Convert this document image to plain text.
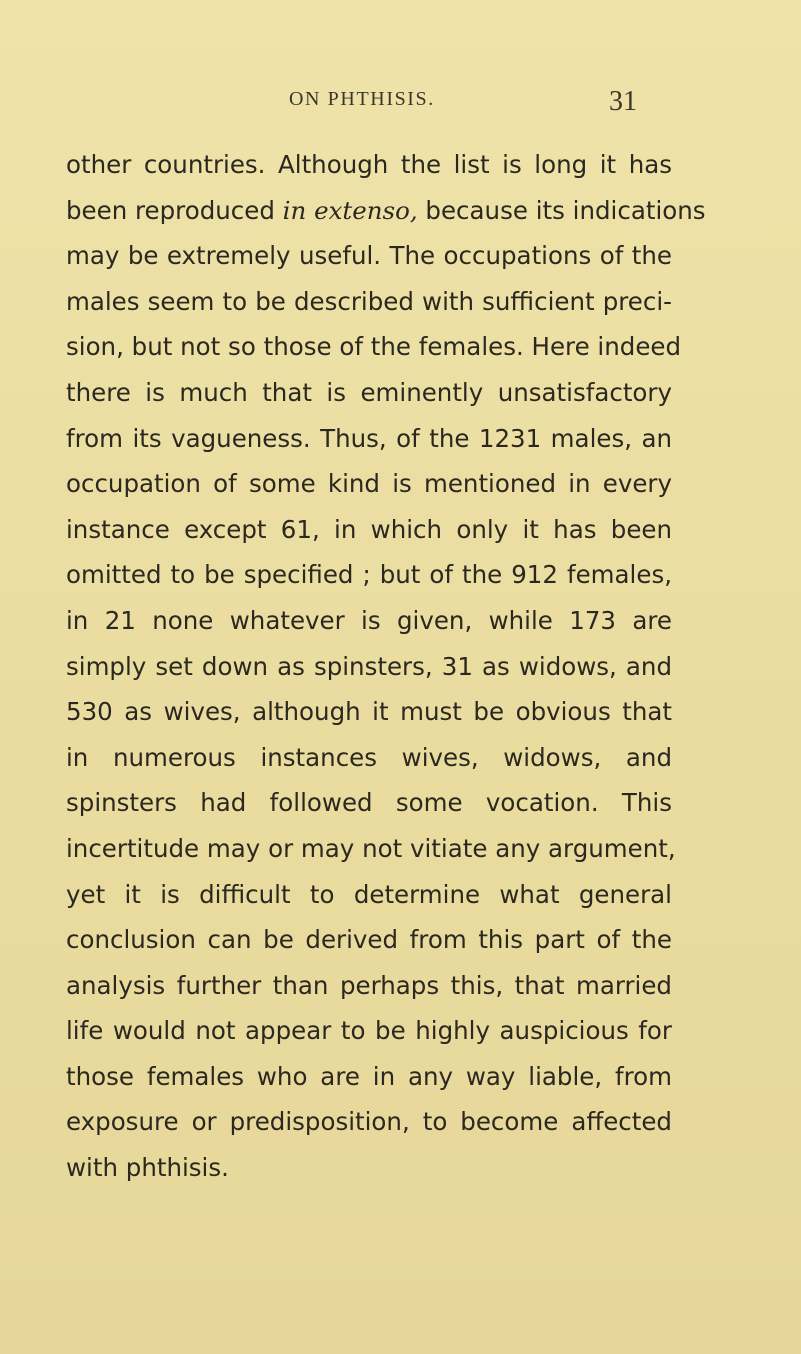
ON PHTHISIS.	31
other countries. Although the list is long it has
been reproduced in extenso, because its indications
may be extremely useful. The occupations of the
males seem to be described with sufficient preci-
sion, but not so those of the females. Here indeed
there is much that is eminently unsatisfactory
from its vagueness. Thus, of the 1231 males, an
occupation of some kind is mentioned in every
instance except 61, in which only it has been
omitted to be specified ; but of the 912 females,
in 21 none whatever is given, while 173 are
simply set down as spinsters, 31 as widows, and
530 as wives, although it must be obvious that
in numerous instances wives, widows, and
spinsters had followed some vocation. This
incertitude may or may not vitiate any argument,
yet it is difficult to determine what general
conclusion can be derived from this part of the
analysis further than perhaps this, that married
life would not appear to be highly auspicious for
those females who are in any way liable, from
exposure or predisposition, to become affected
with phthisis.
